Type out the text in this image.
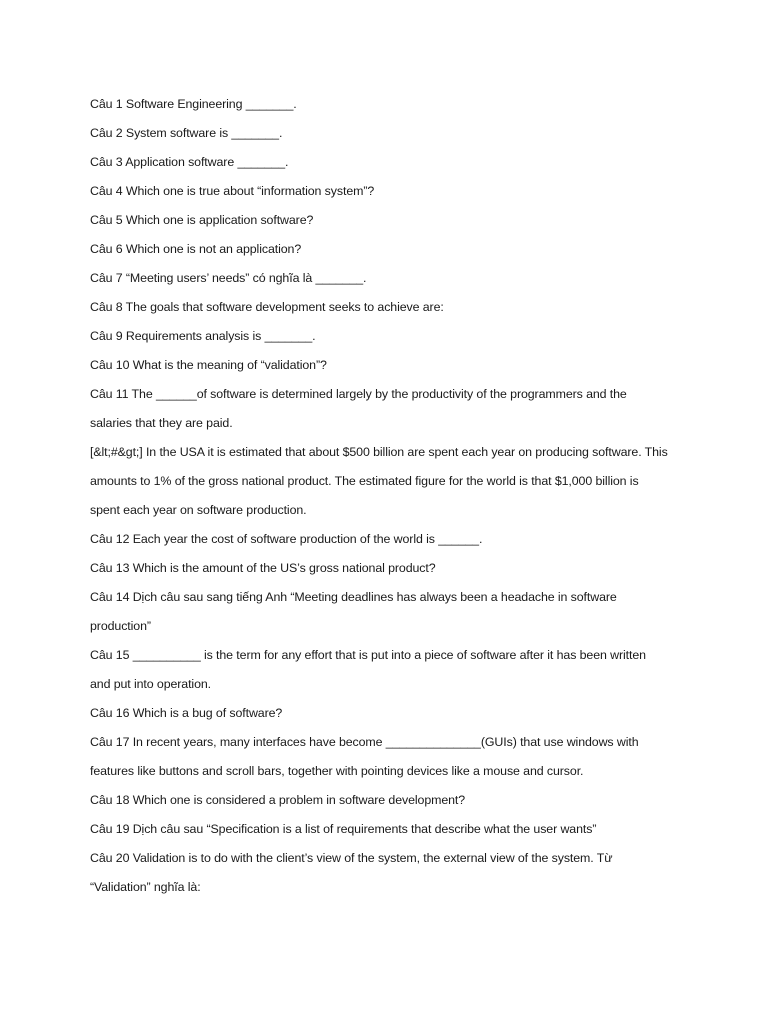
Câu 1 Software Engineering _______.
Câu 2 System software is _______.
Câu 3 Application software _______.
Câu 4 Which one is true about “information system”?
Câu 5 Which one is application software?
Câu 6 Which one is not an application?
Câu 7 “Meeting users’ needs” có nghĩa là _______.
Câu 8 The goals that software development seeks to achieve are:
Câu 9 Requirements analysis is _______.
Câu 10 What is the meaning of “validation”?
Câu 11 The ______of software is determined largely by the productivity of the programmers and the
salaries that they are paid.
[&lt;#&gt;] In the USA it is estimated that about $500 billion are spent each year on producing software. This
amounts to 1% of the gross national product. The estimated figure for the world is that $1,000 billion is
spent each year on software production.
Câu 12 Each year the cost of software production of the world is ______.
Câu 13 Which is the amount of the US’s gross national product?
Câu 14 Dịch câu sau sang tiếng Anh “Meeting deadlines has always been a headache in software
production”
Câu 15 __________ is the term for any effort that is put into a piece of software after it has been written
and put into operation.
Câu 16 Which is a bug of software?
Câu 17 In recent years, many interfaces have become ______________(GUIs) that use windows with
features like buttons and scroll bars, together with pointing devices like a mouse and cursor.
Câu 18 Which one is considered a problem in software development?
Câu 19 Dịch câu sau “Specification is a list of requirements that describe what the user wants”
Câu 20 Validation is to do with the client’s view of the system, the external view of the system. Từ
“Validation” nghĩa là:
